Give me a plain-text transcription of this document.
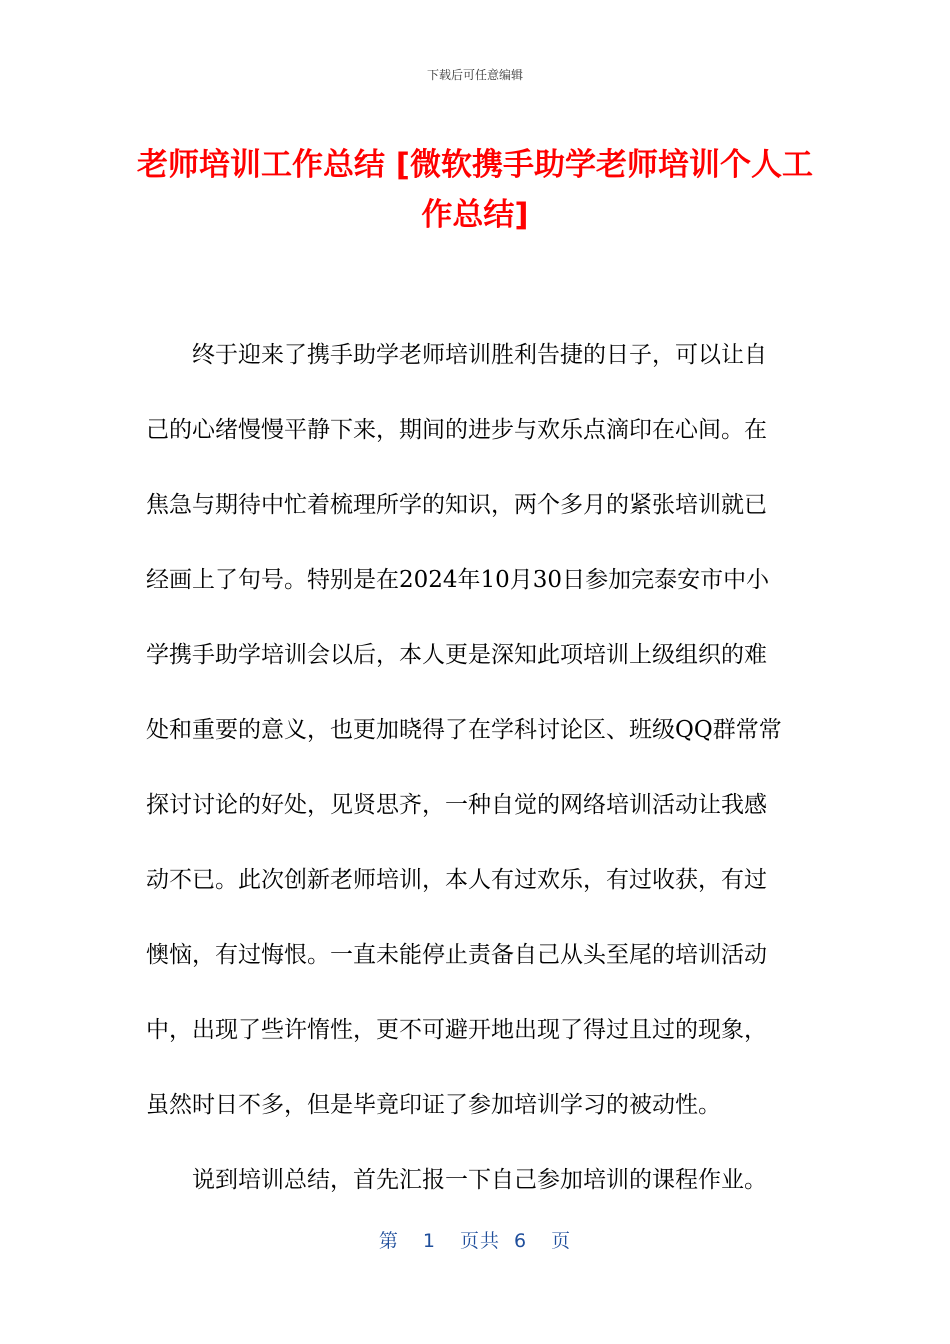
下载后可任意编辑
老师培训工作总结 [微软携手助学老师培训个人工作总结]
终于迎来了携手助学老师培训胜利告捷的日子，可以让自
己的心绪慢慢平静下来，期间的进步与欢乐点滴印在心间。在
焦急与期待中忙着梳理所学的知识，两个多月的紧张培训就已
经画上了句号。特别是在2024年10月30日参加完泰安市中小
学携手助学培训会以后，本人更是深知此项培训上级组织的难
处和重要的意义，也更加晓得了在学科讨论区、班级QQ群常常
探讨讨论的好处，见贤思齐，一种自觉的网络培训活动让我感
动不已。此次创新老师培训，本人有过欢乐，有过收获，有过
懊恼，有过悔恨。一直未能停止责备自己从头至尾的培训活动
中，出现了些许惰性，更不可避开地出现了得过且过的现象，
虽然时日不多，但是毕竟印证了参加培训学习的被动性。
说到培训总结，首先汇报一下自己参加培训的课程作业。
第 1 页共 6 页
